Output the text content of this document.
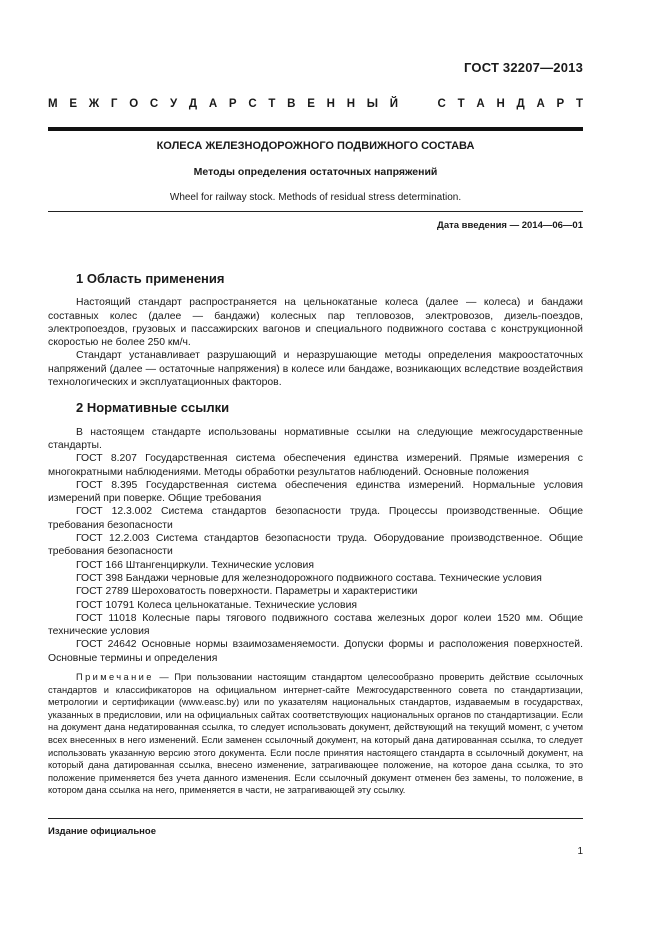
ГОСТ 32207—2013
М Е Ж Г О С У Д А Р С Т В Е Н Н Ы Й	С Т А Н Д А Р Т
КОЛЕСА ЖЕЛЕЗНОДОРОЖНОГО ПОДВИЖНОГО СОСТАВА
Методы определения остаточных напряжений
Wheel for railway stock. Methods of residual stress determination.
Дата введения — 2014—06—01
1 Область применения

Настоящий стандарт распространяется на цельнокатаные колеса (далее — колеса) и бандажи составных колес (далее — бандажи) колесных пар тепловозов, электровозов, дизель-поездов, электропоездов, грузовых и пассажирских вагонов и специального подвижного состава с конструкционной скоростью не более 250 км/ч.

Стандарт устанавливает разрушающий и неразрушающие методы определения макроостаточных напряжений (далее — остаточные напряжения) в колесе или бандаже, возникающих вследствие воздействия технологических и эксплуатационных факторов.

2 Нормативные ссылки

В настоящем стандарте использованы нормативные ссылки на следующие межгосударственные стандарты.

ГОСТ 8.207 Государственная система обеспечения единства измерений. Прямые измерения с многократными наблюдениями. Методы обработки результатов наблюдений. Основные положения

ГОСТ 8.395 Государственная система обеспечения единства измерений. Нормальные условия измерений при поверке. Общие требования

ГОСТ 12.3.002 Система стандартов безопасности труда. Процессы производственные. Общие требования безопасности

ГОСТ 12.2.003 Система стандартов безопасности труда. Оборудование производственное. Общие требования безопасности

ГОСТ 166 Штангенциркули. Технические условия

ГОСТ 398 Бандажи черновые для железнодорожного подвижного состава. Технические условия

ГОСТ 2789 Шероховатость поверхности. Параметры и характеристики

ГОСТ 10791 Колеса цельнокатаные. Технические условия

ГОСТ 11018 Колесные пары тягового подвижного состава железных дорог колеи 1520 мм. Общие технические условия

ГОСТ 24642 Основные нормы взаимозаменяемости. Допуски формы и расположения поверхностей. Основные термины и определения

Примечание — При пользовании настоящим стандартом целесообразно проверить действие ссылочных стандартов и классификаторов на официальном интернет-сайте Межгосударственного совета по стандартизации, метрологии и сертификации (www.easc.by) или по указателям национальных стандартов, издаваемым в государствах, указанных в предисловии, или на официальных сайтах соответствующих национальных органов по стандартизации. Если на документ дана недатированная ссылка, то следует использовать документ, действующий на текущий момент, с учетом всех внесенных в него изменений. Если заменен ссылочный документ, на который дана датированная ссылка, то следует использовать указанную версию этого документа. Если после принятия настоящего стандарта в ссылочный документ, на который дана датированная ссылка, внесено изменение, затрагивающее положение, на которое дана ссылка, то это положение применяется без учета данного изменения. Если ссылочный документ отменен без замены, то положение, в котором дана ссылка на него, применяется в части, не затрагивающей эту ссылку.
Издание официальное
1
